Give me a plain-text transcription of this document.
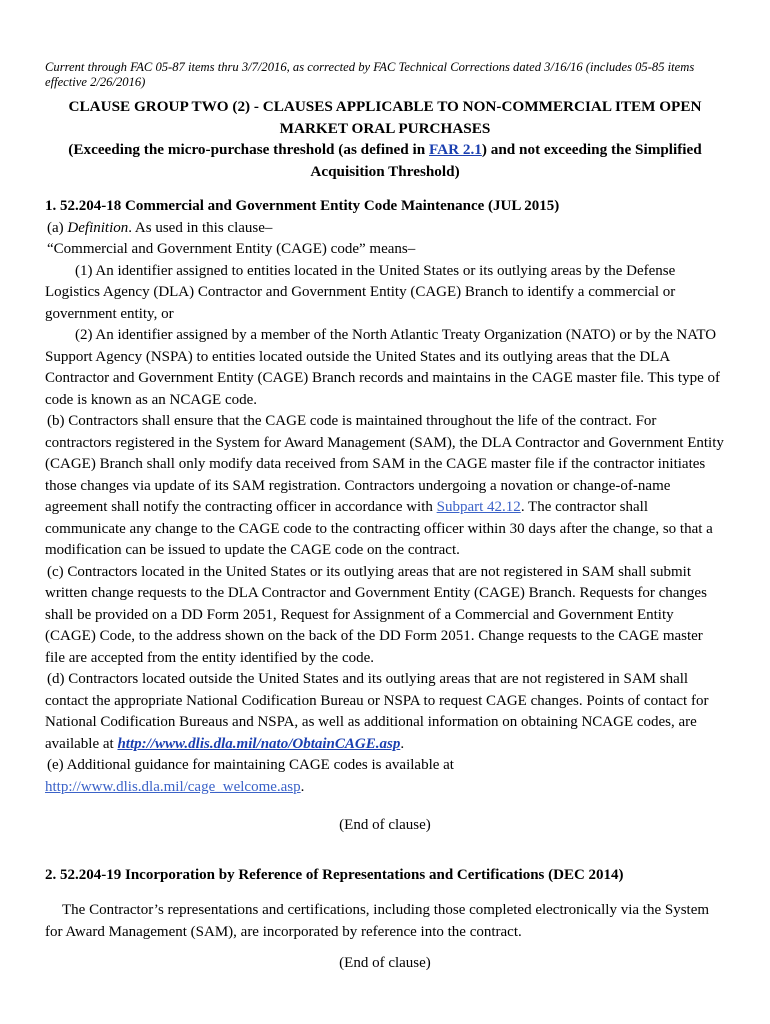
Current through FAC 05-87 items thru 3/7/2016, as corrected by FAC Technical Corrections dated 3/16/16 (includes 05-85 items effective 2/26/2016)

CLAUSE GROUP TWO (2) - CLAUSES APPLICABLE TO NON-COMMERCIAL ITEM OPEN MARKET ORAL PURCHASES

(Exceeding the micro-purchase threshold (as defined in FAR 2.1) and not exceeding the Simplified Acquisition Threshold)

1. 52.204-18 Commercial and Government Entity Code Maintenance (JUL 2015)

(a) Definition. As used in this clause–

“Commercial and Government Entity (CAGE) code” means–

(1) An identifier assigned to entities located in the United States or its outlying areas by the Defense Logistics Agency (DLA) Contractor and Government Entity (CAGE) Branch to identify a commercial or government entity, or

(2) An identifier assigned by a member of the North Atlantic Treaty Organization (NATO) or by the NATO Support Agency (NSPA) to entities located outside the United States and its outlying areas that the DLA Contractor and Government Entity (CAGE) Branch records and maintains in the CAGE master file. This type of code is known as an NCAGE code.

(b) Contractors shall ensure that the CAGE code is maintained throughout the life of the contract. For contractors registered in the System for Award Management (SAM), the DLA Contractor and Government Entity (CAGE) Branch shall only modify data received from SAM in the CAGE master file if the contractor initiates those changes via update of its SAM registration. Contractors undergoing a novation or change-of-name agreement shall notify the contracting officer in accordance with Subpart 42.12. The contractor shall communicate any change to the CAGE code to the contracting officer within 30 days after the change, so that a modification can be issued to update the CAGE code on the contract.

(c) Contractors located in the United States or its outlying areas that are not registered in SAM shall submit written change requests to the DLA Contractor and Government Entity (CAGE) Branch. Requests for changes shall be provided on a DD Form 2051, Request for Assignment of a Commercial and Government Entity (CAGE) Code, to the address shown on the back of the DD Form 2051. Change requests to the CAGE master file are accepted from the entity identified by the code.

(d) Contractors located outside the United States and its outlying areas that are not registered in SAM shall contact the appropriate National Codification Bureau or NSPA to request CAGE changes. Points of contact for National Codification Bureaus and NSPA, as well as additional information on obtaining NCAGE codes, are available at http://www.dlis.dla.mil/nato/ObtainCAGE.asp.

(e) Additional guidance for maintaining CAGE codes is available at

http://www.dlis.dla.mil/cage_welcome.asp.

(End of clause)

2. 52.204-19 Incorporation by Reference of Representations and Certifications (DEC 2014)

The Contractor’s representations and certifications, including those completed electronically via the System for Award Management (SAM), are incorporated by reference into the contract.

(End of clause)
